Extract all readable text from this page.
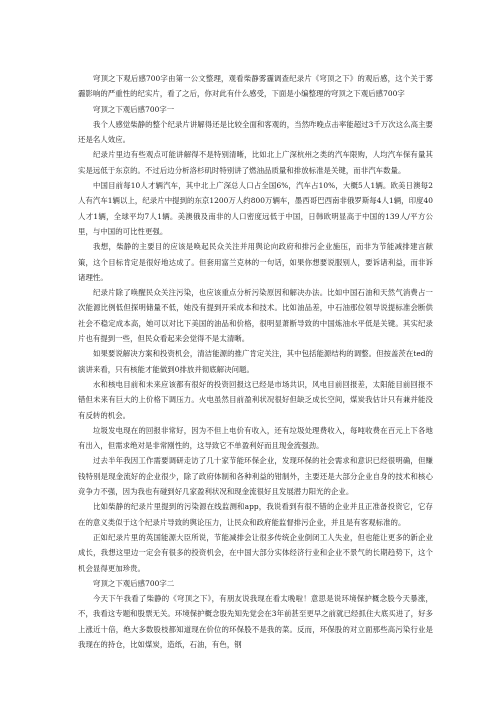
穹顶之下观后感700字由第一公文整理，观看柴静雾霾调查纪录片《穹顶之下》的观后感，这个关于雾霾影响的严重性的纪实片，看了之后，你对此有什么感受，下面是小编整理的穹顶之下观后感700字

穹顶之下观后感700字一

我个人感觉柴静的整个纪录片讲解得还是比较全面和客观的，当然咋晚点击率能超过3千万次这么高主要还是名人效应。

纪录片里边有些观点可能讲解得不是特别清晰，比如北上广深杭州之类的汽车限购，人均汽车保有量其实是远低于东京的。不过后边分析洛杉矶时特别讲了燃油品质量和排放标准是关键，而非汽车数量。

中国目前每10人才辆汽车，其中北上广深总人口占全国6%，汽车占10%，大概5人1辆。欧美日澳每2人有汽车1辆以上，纪录片中提到的东京1200万人约800万辆车，墨西哥巴西南非俄罗斯每4人1辆，印度40人才1辆，全球平均7人1辆。美澳俄及南非的人口密度远低于中国，日韩欧明显高于中国的139人/平方公里，与中国的可比性更强。

我想，柴静的主要目的应该是唤起民众关注并用舆论向政府和排污企业施压，而非为节能减排建言献策，这个目标肯定是很好地达成了。但套用富兰克林的一句话，如果你想要说服别人，要诉诸利益，而非诉诸理性。

纪录片除了唤醒民众关注污染，也应该重点分析污染原因和解决办法。比如中国石油和天然气消费占一次能源比例低但探明储量不低，她没有提到开采成本和技术。比如油品差，中石油那位领导说提标准会断供社会不稳定成本高，她可以对比下美国的油品和价格，很明显萧断导致的中国炼油水平低是关键。其实纪录片也有提到一些，但民众看起来会觉得不是太清晰。

如果要说解决方案和投资机会，清洁能源的推广肯定关注，其中包括能源结构的调整。但按盖茨在ted的演讲来看，只有核能才能做到0排放并彻底解决问题。

水和核电目前和未来应该都有很好的投资回报这已经是市场共识，风电目前回报差，太阳能目前回报不错但未来有巨大的上价格下调压力。火电虽然目前盈利状况很好但缺乏成长空间，煤炭我估计只有兼并能没有反转的机会。

垃圾发电现在的回报非常好，因为不但上电价有收入，还有垃圾处理费收入，每吨收费在百元上下各地有出入，但需求绝对是非常刚性的，这导致它不单盈利好而且现金流强劲。

过去半年我因工作需要调研走访了几十家节能环保企业，发现环保的社会需求和意识已经很明确，但赚钱特别是现金流好的企业很少，除了政府体制和各种利益的钳制外，主要还是大部分企业自身的技术和核心竞争力不强，因为我也有碰到好几家盈利状况和现金流很好且发展潜力阳光的企业。

比如柴静的纪录片里提到的污染源在线监测和app，我说看到有很不错的企业并且正准备投资它，它存在的意义类似于这个纪录片导致的舆论压力，让民众和政府能监督排污企业，并且是有客观标准的。

正如纪录片里的英国能源大臣所说，节能减排会让很多传统企业倒闭工人失业，但也能让更多的新企业成长，我想这里边一定会有很多的投资机会，在中国大部分实体经济行业和企业不景气的长期趋势下，这个机会显得更加珍贵。

穹顶之下观后感700字二

今天下午我看了柴静的《穹顶之下》，有朋友说我现在看太晚啦！意思是说环境保护概念股今天暴涨，不，我看这专题和股票无关。环境保护概念股先知先觉会在3年前甚至更早之前就已经抓住大底买进了，好多上涨近十倍，绝大多数股枝都知道现在价位的环保股不是我的菜。反而，环保股的对立面那些高污染行业是我现在的持仓，比如煤炭，造纸，石油，有色，钢
